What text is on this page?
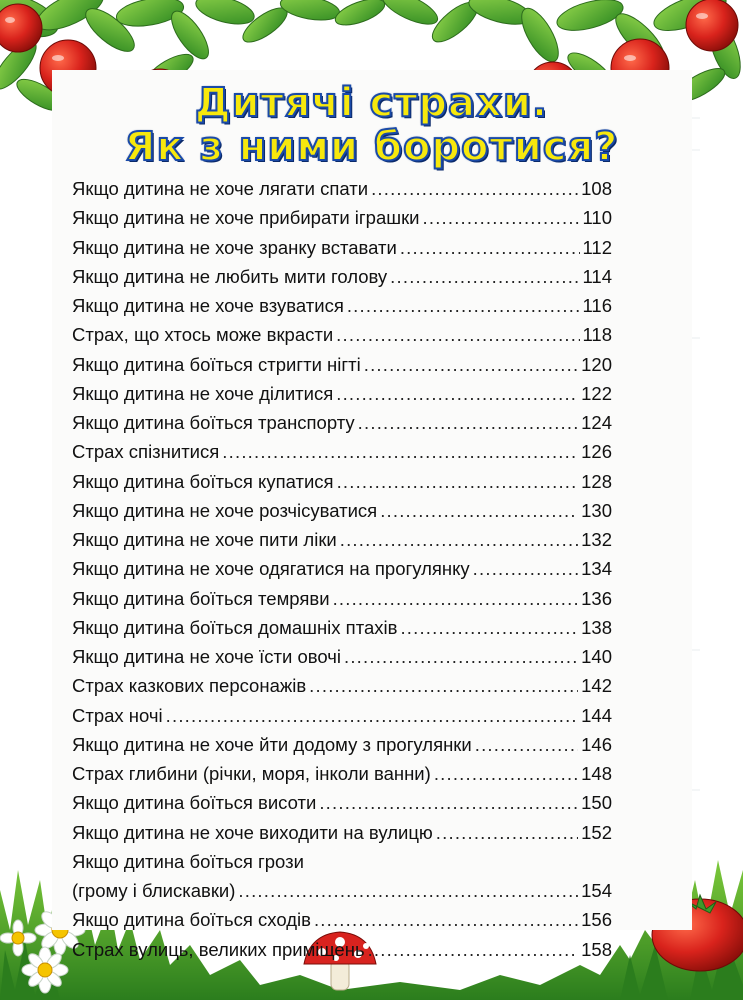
Дитячі страхи.
Як з ними боротися?
Якщо дитина не хоче лягати спати .....	108
Якщо дитина не хоче прибирати іграшки .....	110
Якщо дитина не хоче зранку вставати .....	112
Якщо дитина не любить мити голову .....	114
Якщо дитина не хоче взуватися .....	116
Страх, що хтось може вкрасти .....	118
Якщо дитина боїться стригти нігті .....	120
Якщо дитина не хоче ділитися .....	122
Якщо дитина боїться транспорту .....	124
Страх спізнитися .....	126
Якщо дитина боїться купатися .....	128
Якщо дитина не хоче розчісуватися .....	130
Якщо дитина не хоче пити ліки .....	132
Якщо дитина не хоче одягатися на прогулянку .....	134
Якщо дитина боїться темряви .....	136
Якщо дитина боїться домашніх птахів .....	138
Якщо дитина не хоче їсти овочі .....	140
Страх казкових персонажів .....	142
Страх ночі .....	144
Якщо дитина не хоче йти додому з прогулянки .....	146
Страх глибини (річки, моря, інколи ванни) .....	148
Якщо дитина боїться висоти .....	150
Якщо дитина не хоче виходити на вулицю .....	152
Якщо дитина боїться грози
(грому і блискавки) .....	154
Якщо дитина боїться сходів .....	156
Страх вулиць, великих приміщень .....	158
